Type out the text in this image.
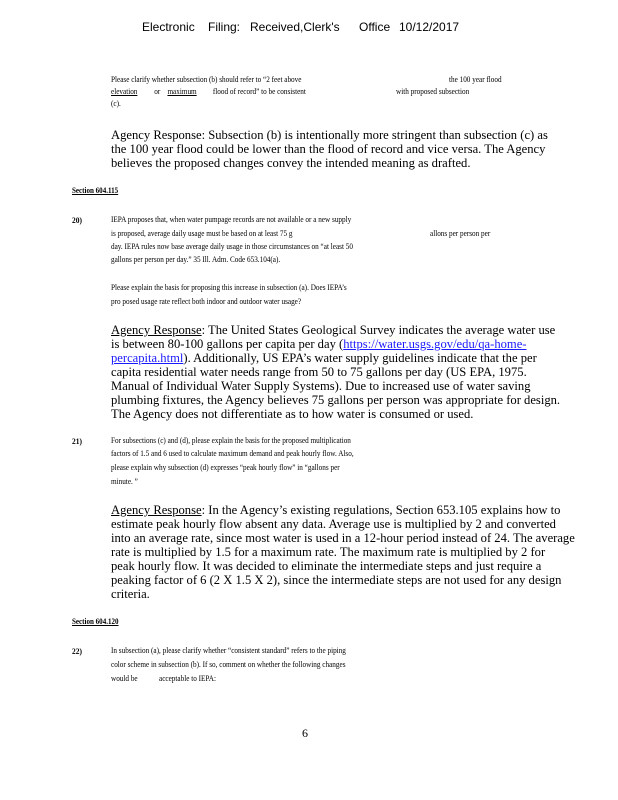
Electronic Filing: Received,Clerk's Office 10/12/2017
Please clarify whether subsection (b) should refer to “2 feet above	the 100 year flood
elevation    or  maximum   flood of record” to be consistent	with proposed subsection
(c).
Agency Response: Subsection (b) is intentionally more stringent than subsection (c) as
the 100 year flood could be lower than the flood of record and vice versa. The Agency
believes the proposed changes convey the intended meaning as drafted.
Section 604.115   
20)	IEPA proposes that, when water pumpage records are not available or a new supply
is proposed, average daily usage must be based on at least 75 g	allons per person per
day. IEPA rules now base average daily usage in those circumstances on “at least 50
gallons per person per day.” 35 Ill. Adm. Code 653.104(a).
Please explain the basis for proposing this increase in subsection (a). Does IEPA’s
pro posed usage rate reflect both indoor and outdoor water usage?
Agency Response: The United States Geological Survey indicates the average water use
is between 80-100 gallons per capita per day (https://water.usgs.gov/edu/qa-home-
percapita.html). Additionally, US EPA’s water supply guidelines indicate that the per
capita residential water needs range from 50 to 75 gallons per day (US EPA, 1975.
Manual of Individual Water Supply Systems). Due to increased use of water saving
plumbing fixtures, the Agency believes 75 gallons per person was appropriate for design.
The Agency does not differentiate as to how water is consumed or used.
21)	For subsections (c) and (d), please explain the basis for the proposed multiplication
factors of 1.5 and 6 used to calculate maximum demand and peak hourly flow. Also,
please explain why subsection (d) expresses “peak hourly flow” in “gallons per
minute. ”
Agency Response: In the Agency’s existing regulations, Section 653.105 explains how to
estimate peak hourly flow absent any data. Average use is multiplied by 2 and converted
into an average rate, since most water is used in a 12-hour period instead of 24. The average
rate is multiplied by 1.5 for a maximum rate. The maximum rate is multiplied by 2 for
peak hourly flow. It was decided to eliminate the intermediate steps and just require a
peaking factor of 6 (2 X 1.5 X 2), since the intermediate steps are not used for any design
criteria.
Section 604.120   
22)	In subsection (a), please clarify whether “consistent standard” refers to the piping
color scheme in subsection (b). If so, comment on whether the following changes
would be	acceptable to IEPA:
6
